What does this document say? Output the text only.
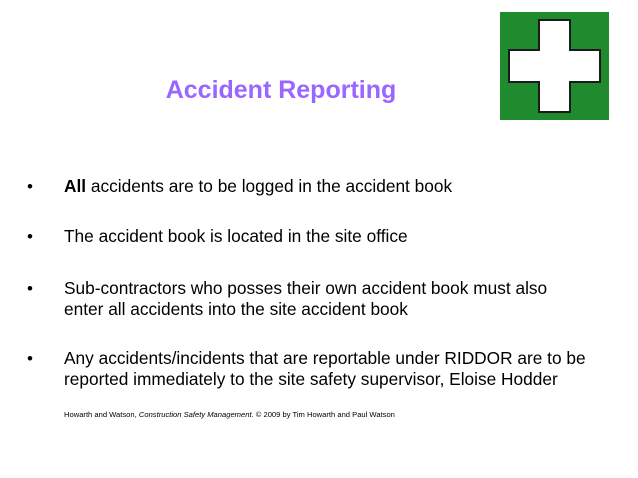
Accident Reporting
• All accidents are to be logged in the accident book
• The accident book is located in the site office
• Sub-contractors who posses their own accident book must also
enter all accidents into the site accident book
• Any accidents/incidents that are reportable under RIDDOR are to be
reported immediately to the site safety supervisor, Eloise Hodder
Howarth and Watson, Construction Safety Management. © 2009 by Tim Howarth and Paul Watson
